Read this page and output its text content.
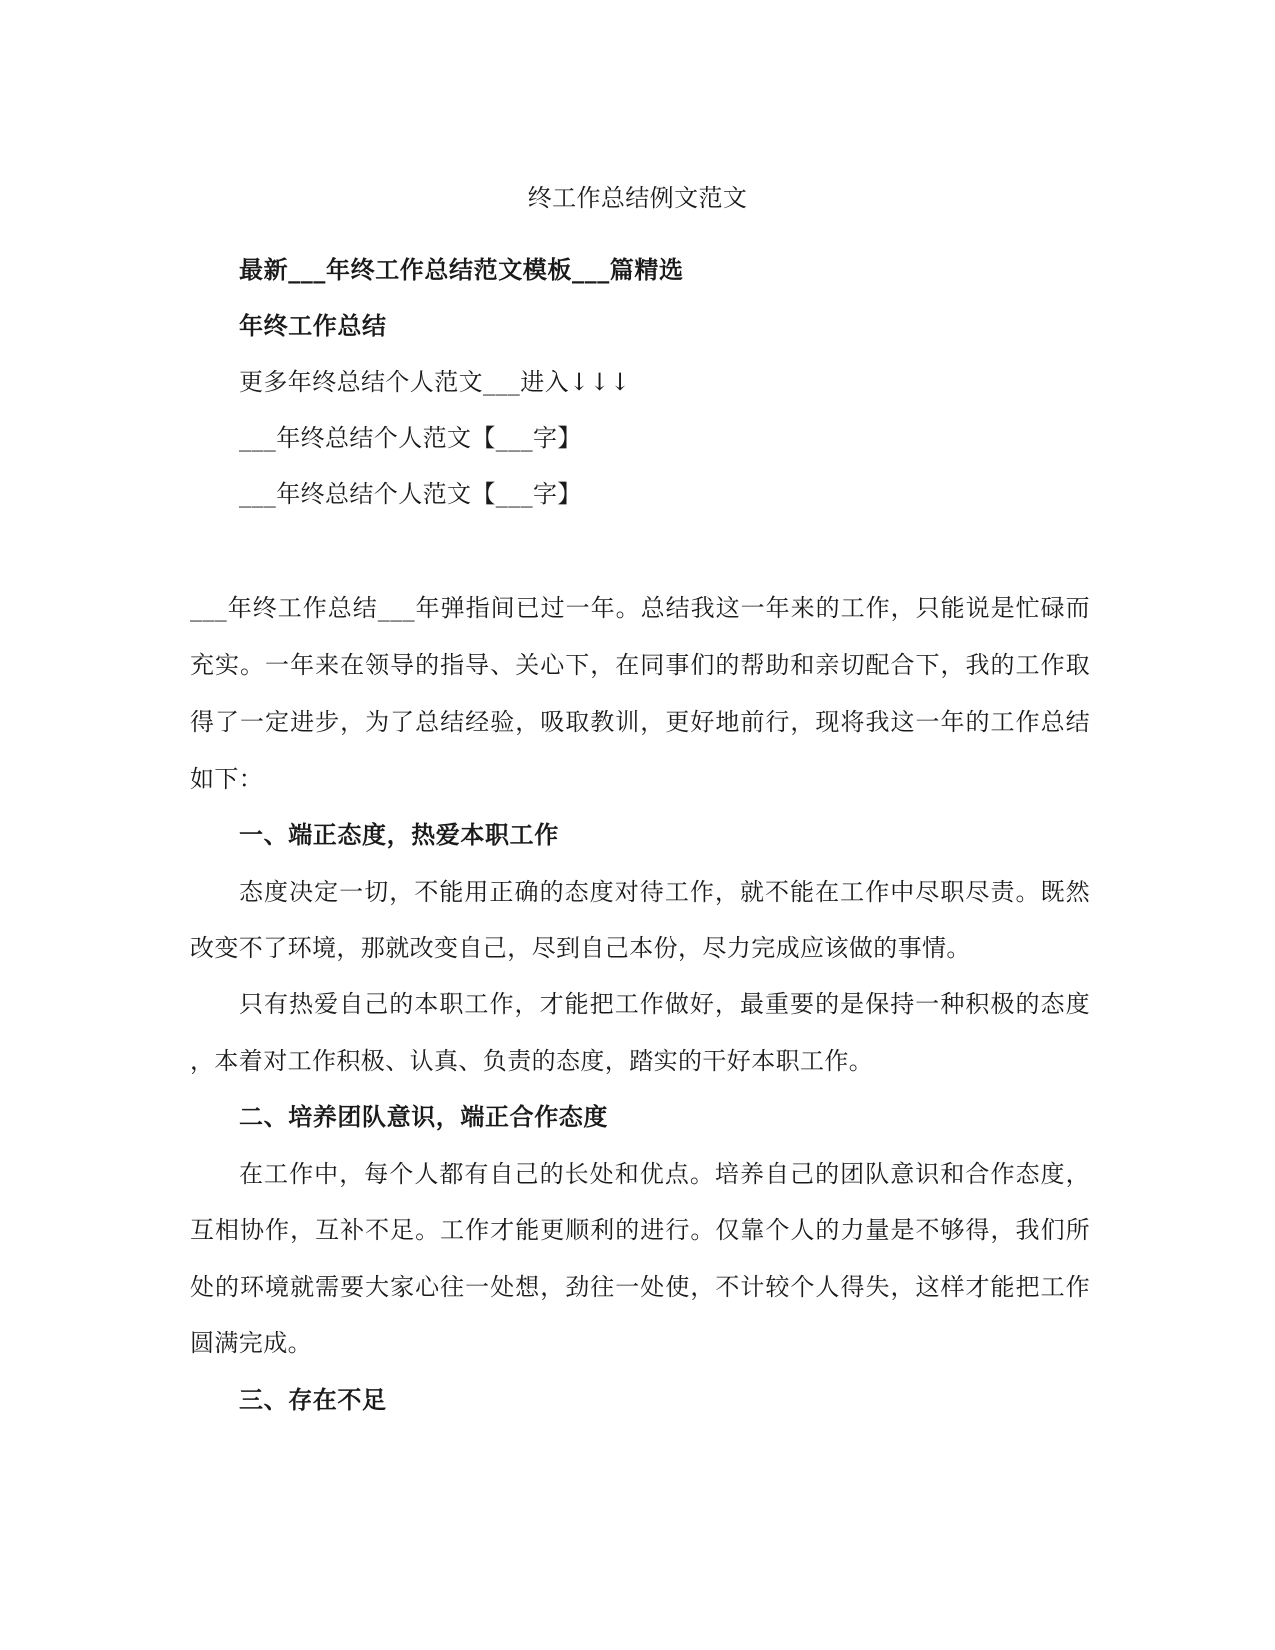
终工作总结例文范文
最新___年终工作总结范文模板___篇精选
年终工作总结
更多年终总结个人范文___进入↓↓↓
___年终总结个人范文【___字】
___年终总结个人范文【___字】
___年终工作总结___年弹指间已过一年。总结我这一年来的工作，只能说是忙碌而
充实。一年来在领导的指导、关心下，在同事们的帮助和亲切配合下，我的工作取
得了一定进步，为了总结经验，吸取教训，更好地前行，现将我这一年的工作总结
如下：
一、端正态度，热爱本职工作
态度决定一切，不能用正确的态度对待工作，就不能在工作中尽职尽责。既然
改变不了环境，那就改变自己，尽到自己本份，尽力完成应该做的事情。
只有热爱自己的本职工作，才能把工作做好，最重要的是保持一种积极的态度
，本着对工作积极、认真、负责的态度，踏实的干好本职工作。
二、培养团队意识，端正合作态度
在工作中，每个人都有自己的长处和优点。培养自己的团队意识和合作态度，
互相协作，互补不足。工作才能更顺利的进行。仅靠个人的力量是不够得，我们所
处的环境就需要大家心往一处想，劲往一处使，不计较个人得失，这样才能把工作
圆满完成。
三、存在不足
